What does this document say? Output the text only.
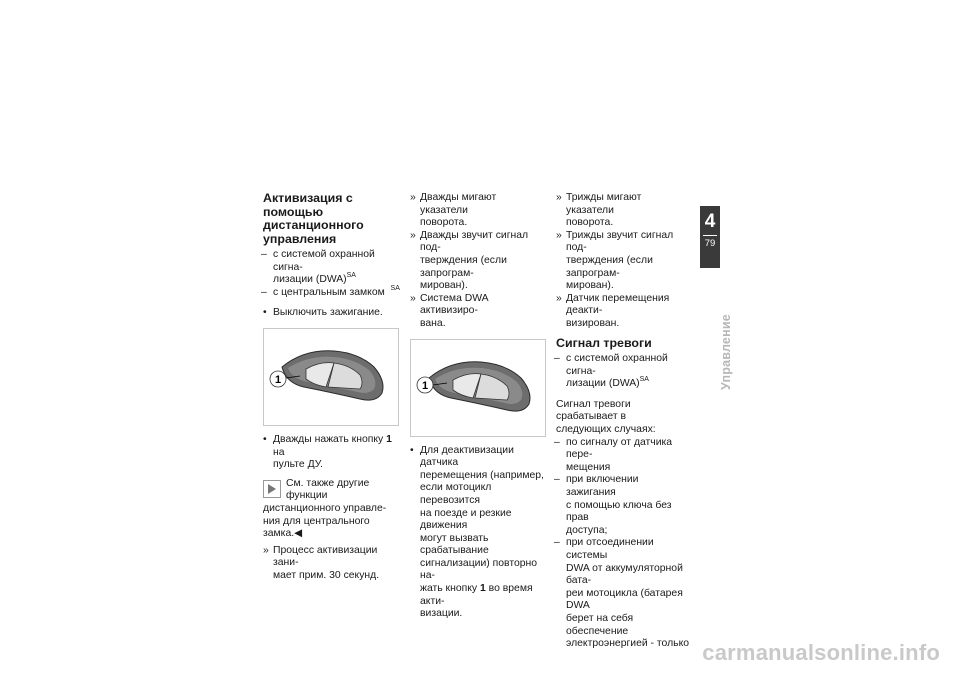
Активизация с помощью дистанционного управления
– с системой охранной сигна-
лизации (DWA)$^{SA}$
– с центральным замком $^{SA}$
• Выключить зажигание.
1
• Дважды нажать кнопку 1 на
пульте ДУ.
См. также другие функции
дистанционного управле-
ния для центрального замка.◀
» Процесс активизации зани-
мает прим. 30 секунд.
» Дважды мигают указатели
поворота.
» Дважды звучит сигнал под-
тверждения (если запрограм-
мирован).
» Система DWA активизиро-
вана.
1
• Для деактивизации датчика
перемещения (например,
если мотоцикл перевозится
на поезде и резкие движения
могут вызвать срабатывание
сигнализации) повторно на-
жать кнопку 1 во время акти-
визации.
» Трижды мигают указатели
поворота.
» Трижды звучит сигнал под-
тверждения (если запрограм-
мирован).
» Датчик перемещения деакти-
визирован.
Сигнал тревоги
– с системой охранной сигна-
лизации (DWA)$^{SA}$
Сигнал тревоги срабатывает в
следующих случаях:
– по сигналу от датчика пере-
мещения
– при включении зажигания
с помощью ключа без прав
доступа;
– при отсоединении системы
DWA от аккумуляторной бата-
реи мотоцикла (батарея DWA
берет на себя обеспечение
электроэнергией - только
4
79
Управление
carmanualsonline.info
